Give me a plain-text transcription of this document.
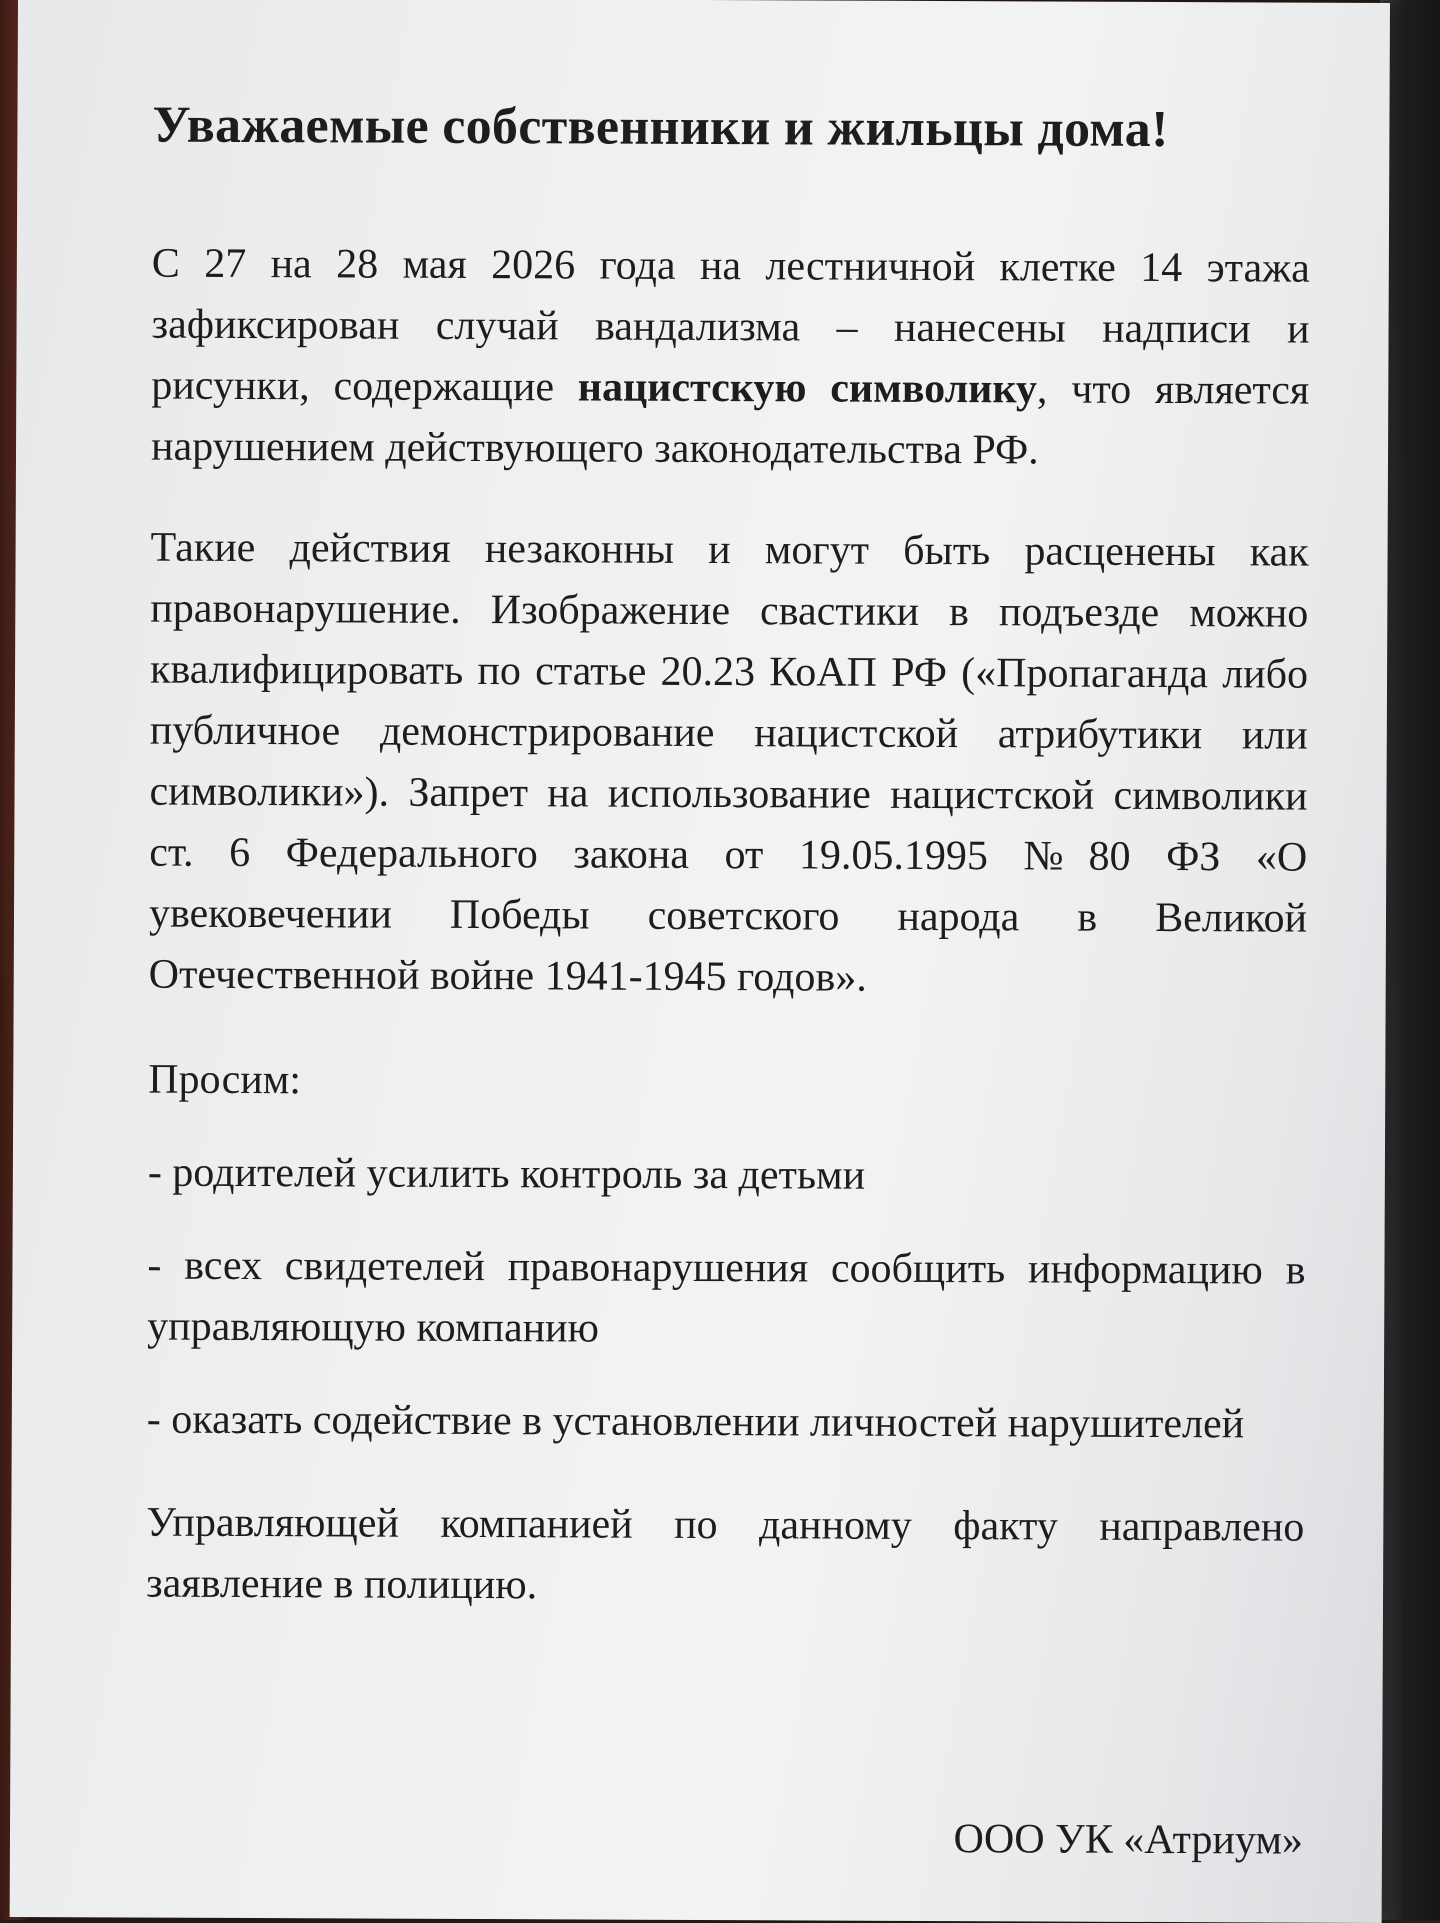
Уважаемые собственники и жильцы дома!

С 27 на 28 мая 2026 года на лестничной клетке 14 этажа зафиксирован случай вандализма – нанесены надписи и рисунки, содержащие нацистскую символику, что является нарушением действующего законодательства РФ.

Такие действия незаконны и могут быть расценены как правонарушение. Изображение свастики в подъезде можно квалифицировать по статье 20.23 КоАП РФ («Пропаганда либо публичное демонстрирование нацистской атрибутики или символики»). Запрет на использование нацистской символики ст. 6 Федерального закона от 19.05.1995 №80 ФЗ «О увековечении Победы советского народа в Великой Отечественной войне 1941-1945 годов».

Просим:

- родителей усилить контроль за детьми

- всех свидетелей правонарушения сообщить информацию в управляющую компанию

- оказать содействие в установлении личностей нарушителей

Управляющей компанией по данному факту направлено заявление в полицию.

ООО УК «Атриум»
